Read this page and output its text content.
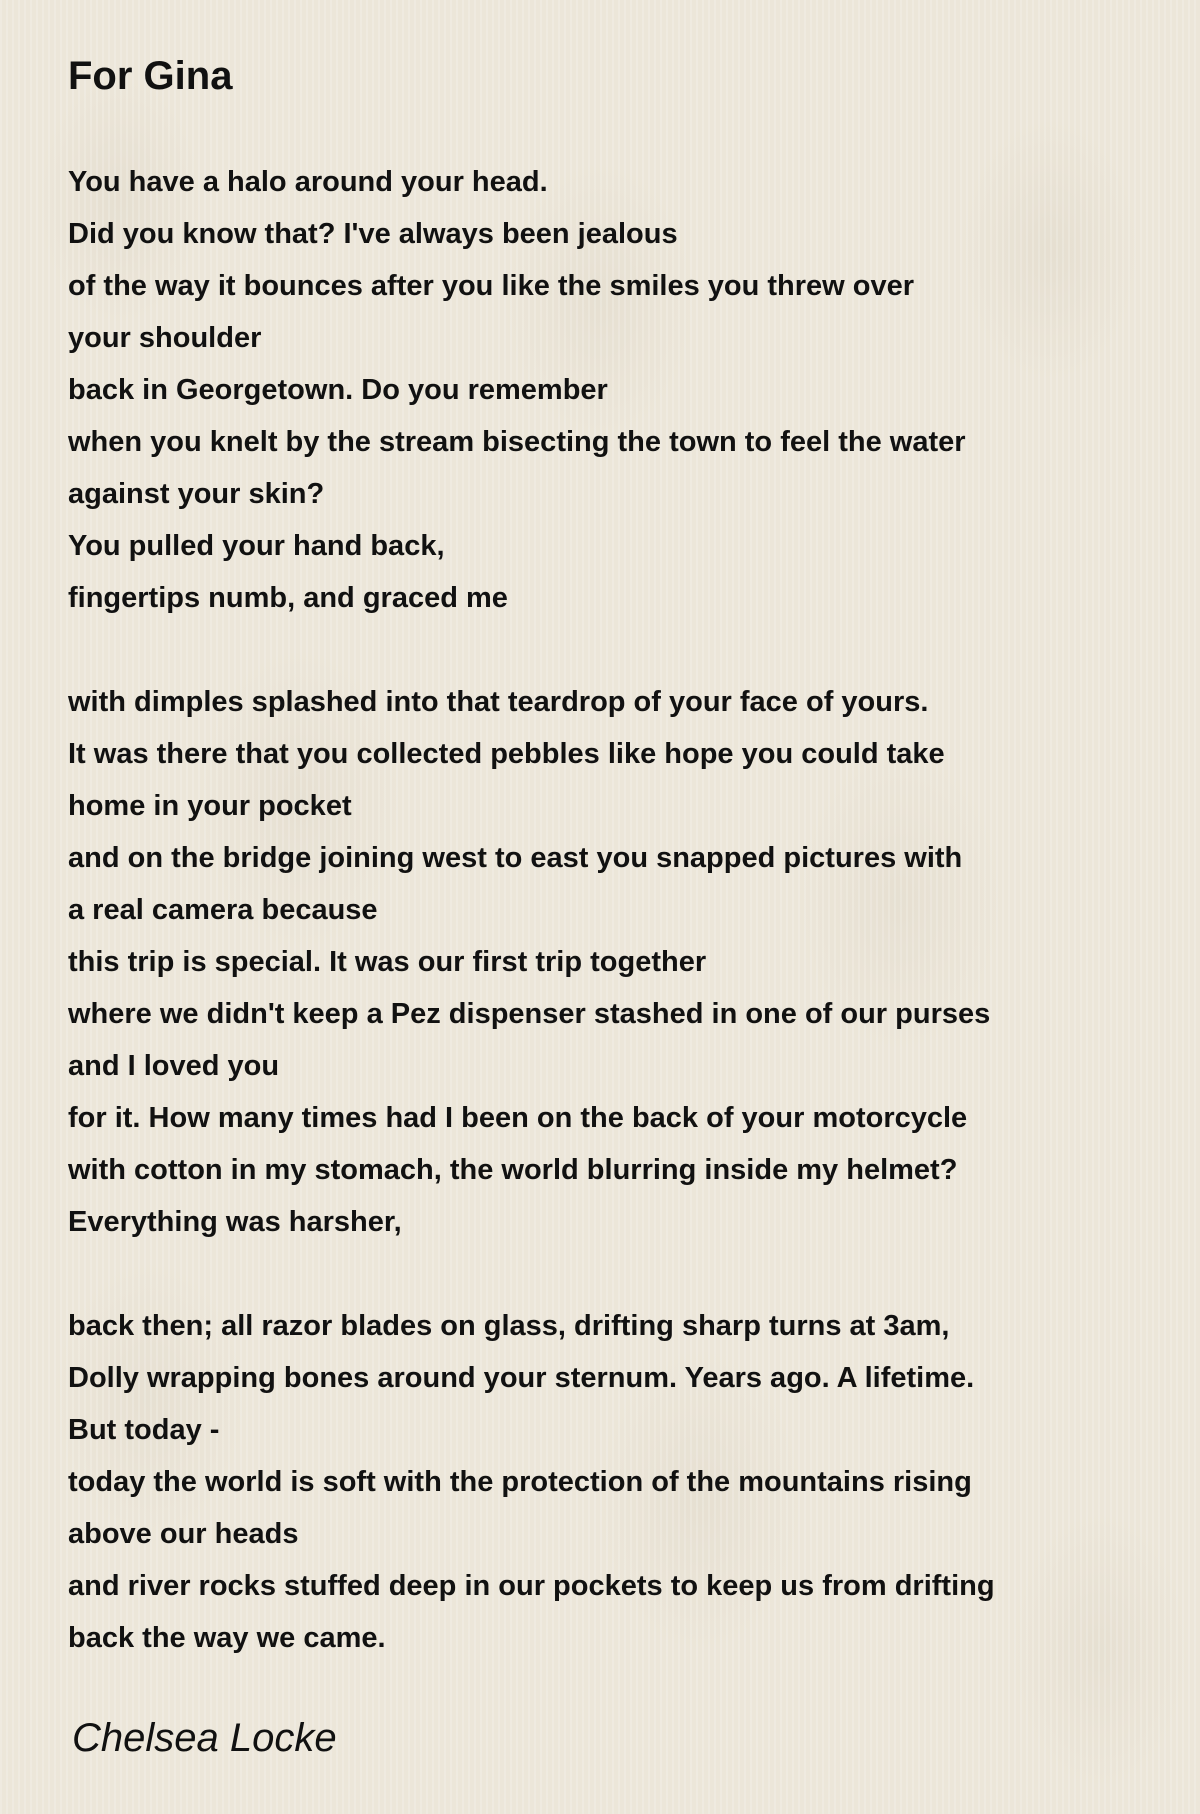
For Gina
You have a halo around your head.
Did you know that? I've always been jealous
of the way it bounces after you like the smiles you threw over
your shoulder
back in Georgetown. Do you remember
when you knelt by the stream bisecting the town to feel the water
against your skin?
You pulled your hand back,
fingertips numb, and graced me
with dimples splashed into that teardrop of your face of yours.
It was there that you collected pebbles like hope you could take
home in your pocket
and on the bridge joining west to east you snapped pictures with
a real camera because
this trip is special. It was our first trip together
where we didn't keep a Pez dispenser stashed in one of our purses
and I loved you
for it. How many times had I been on the back of your motorcycle
with cotton in my stomach, the world blurring inside my helmet?
Everything was harsher,
back then; all razor blades on glass, drifting sharp turns at 3am,
Dolly wrapping bones around your sternum. Years ago. A lifetime.
But today -
today the world is soft with the protection of the mountains rising
above our heads
and river rocks stuffed deep in our pockets to keep us from drifting
back the way we came.

Chelsea Locke
